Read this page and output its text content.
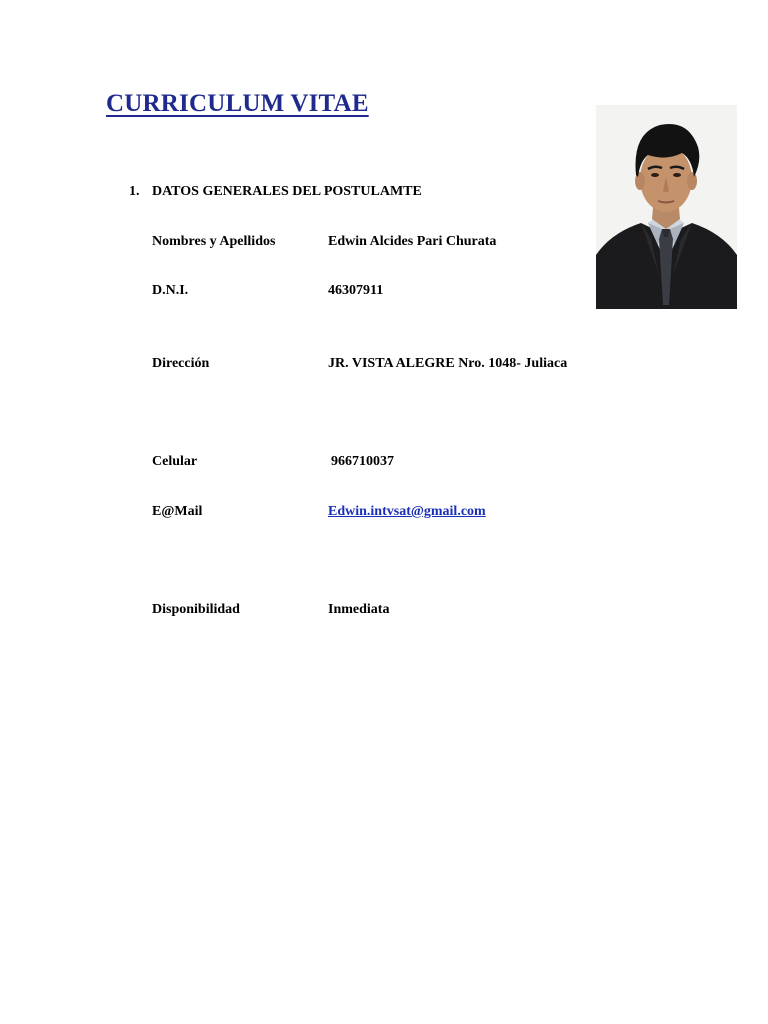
CURRICULUM VITAE
1. DATOS GENERALES DEL POSTULAMTE
Nombres y Apellidos	Edwin Alcides Pari Churata
D.N.I.	46307911
Dirección	JR. VISTA ALEGRE Nro. 1048- Juliaca
Celular	966710037
E@Mail	Edwin.intvsat@gmail.com
Disponibilidad	Inmediata
